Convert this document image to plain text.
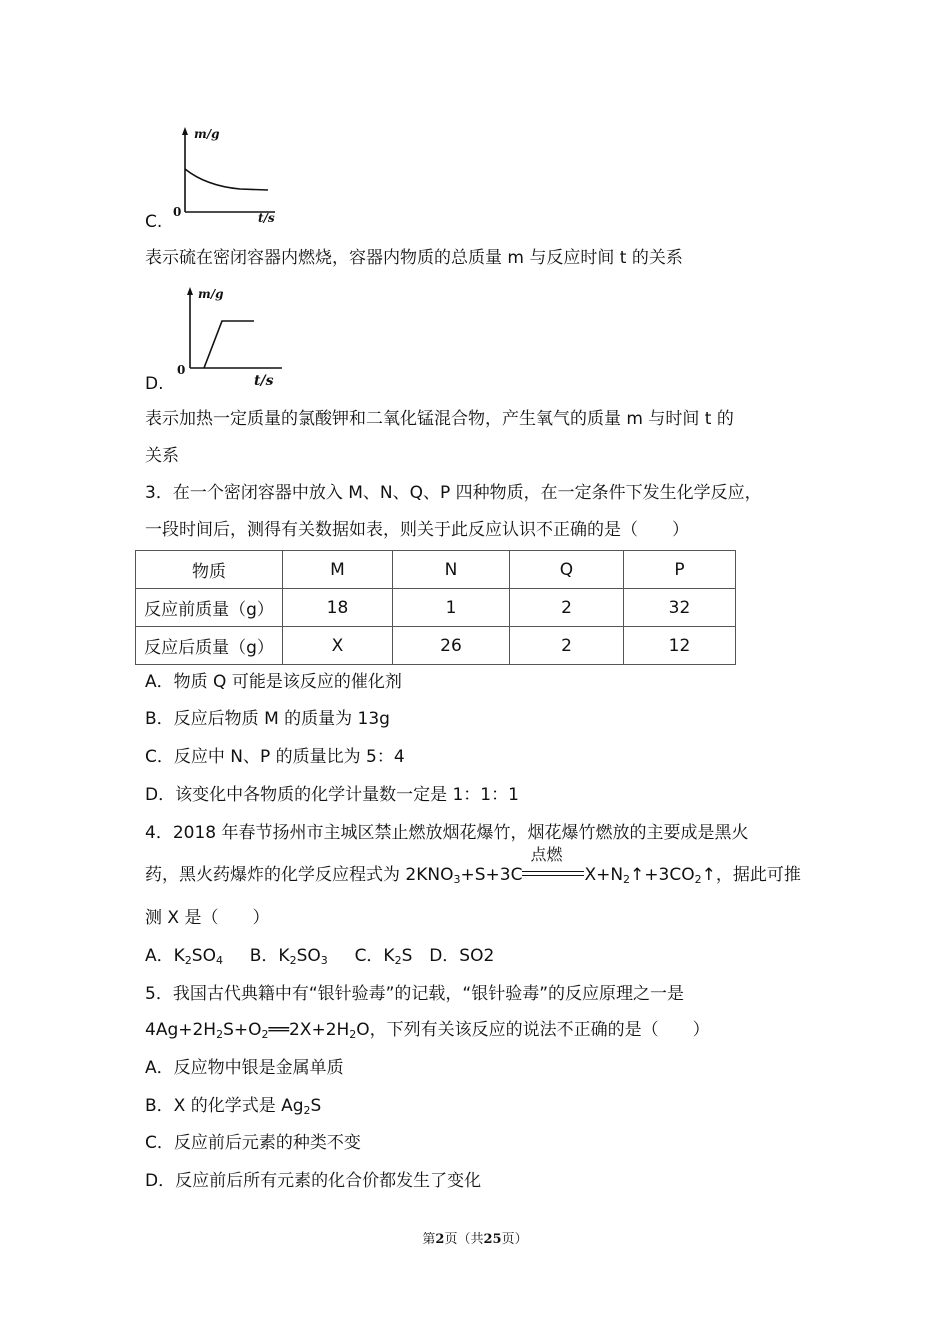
m/g
t/s
0
C.
表示硫在密闭容器内燃烧，容器内物质的总质量 m 与反应时间 t 的关系
m/g
t/s
0
D.
表示加热一定质量的氯酸钾和二氧化锰混合物，产生氧气的质量 m 与时间 t 的
关系
3．在一个密闭容器中放入 M、N、Q、P 四种物质，在一定条件下发生化学反应，
一段时间后，测得有关数据如表，则关于此反应认识不正确的是（　　）
物质	M	N	Q	P
反应前质量（g）	18	1	2	32
反应后质量（g）	X	26	2	12
A．物质 Q 可能是该反应的催化剂
B．反应后物质 M 的质量为 13g
C．反应中 N、P 的质量比为 5：4
D．该变化中各物质的化学计量数一定是 1：1：1
4．2018 年春节扬州市主城区禁止燃放烟花爆竹，烟花爆竹燃放的主要成是黑火
药，黑火药爆炸的化学反应程式为 $2KNO_3+S+3C$
点燃
$X+N_2↑+3CO_2↑$，据此可推
测 X 是（　　）
A．$K_2SO_4$ B．$K_2SO_3$ C．$K_2S$ D．SO2
5．我国古代典籍中有“银针验毒”的记载，“银针验毒”的反应原理之一是
$4Ag+2H_2S+O_2══2X+2H_2O$，下列有关该反应的说法不正确的是（　　）
A．反应物中银是金属单质
B．X 的化学式是 $Ag_2S$
C．反应前后元素的种类不变
D．反应前后所有元素的化合价都发生了变化
第2页（共25页）
